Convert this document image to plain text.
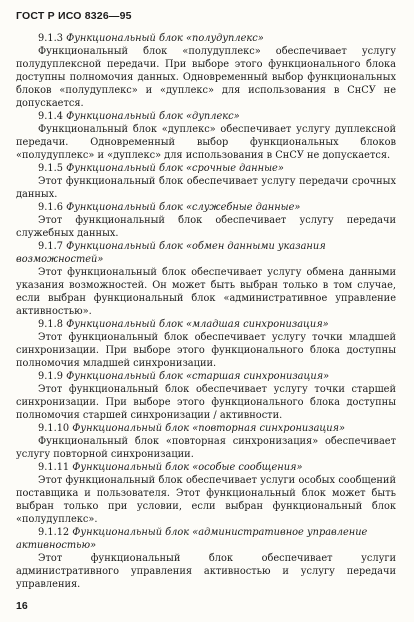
ГОСТ Р ИСО 8326—95

9.1.3 Функциональный блок «полудуплекс»

Функциональный блок «полудуплекс» обеспечивает услугу полудуплексной передачи. При выборе этого функционального блока доступны полномочия данных. Одновременный выбор функциональных блоков «полудуплекс» и «дуплекс» для использования в СнСУ не допускается.

9.1.4 Функциональный блок «дуплекс»

Функциональный блок «дуплекс» обеспечивает услугу дуплексной передачи. Одновременный выбор функциональных блоков «полудуплекс» и «дуплекс» для использования в СнСУ не допускается.

9.1.5 Функциональный блок «срочные данные»

Этот функциональный блок обеспечивает услугу передачи срочных данных.

9.1.6 Функциональный блок «служебные данные»

Этот функциональный блок обеспечивает услугу передачи служебных данных.

9.1.7 Функциональный блок «обмен данными указания возможностей»

Этот функциональный блок обеспечивает услугу обмена данными указания возможностей. Он может быть выбран только в том случае, если выбран функциональный блок «административное управление активностью».

9.1.8 Функциональный блок «младшая синхронизация»

Этот функциональный блок обеспечивает услугу точки младшей синхронизации. При выборе этого функционального блока доступны полномочия младшей синхронизации.

9.1.9 Функциональный блок «старшая синхронизация»

Этот функциональный блок обеспечивает услугу точки старшей синхронизации. При выборе этого функционального блока доступны полномочия старшей синхронизации / активности.

9.1.10 Функциональный блок «повторная синхронизация»

Функциональный блок «повторная синхронизация» обеспечивает услугу повторной синхронизации.

9.1.11 Функциональный блок «особые сообщения»

Этот функциональный блок обеспечивает услуги особых сообщений поставщика и пользователя. Этот функциональный блок может быть выбран только при условии, если выбран функциональный блок «полудуплекс».

9.1.12 Функциональный блок «административное управление активностью»

Этот функциональный блок обеспечивает услуги административного управления активностью и услугу передачи управления.

16
